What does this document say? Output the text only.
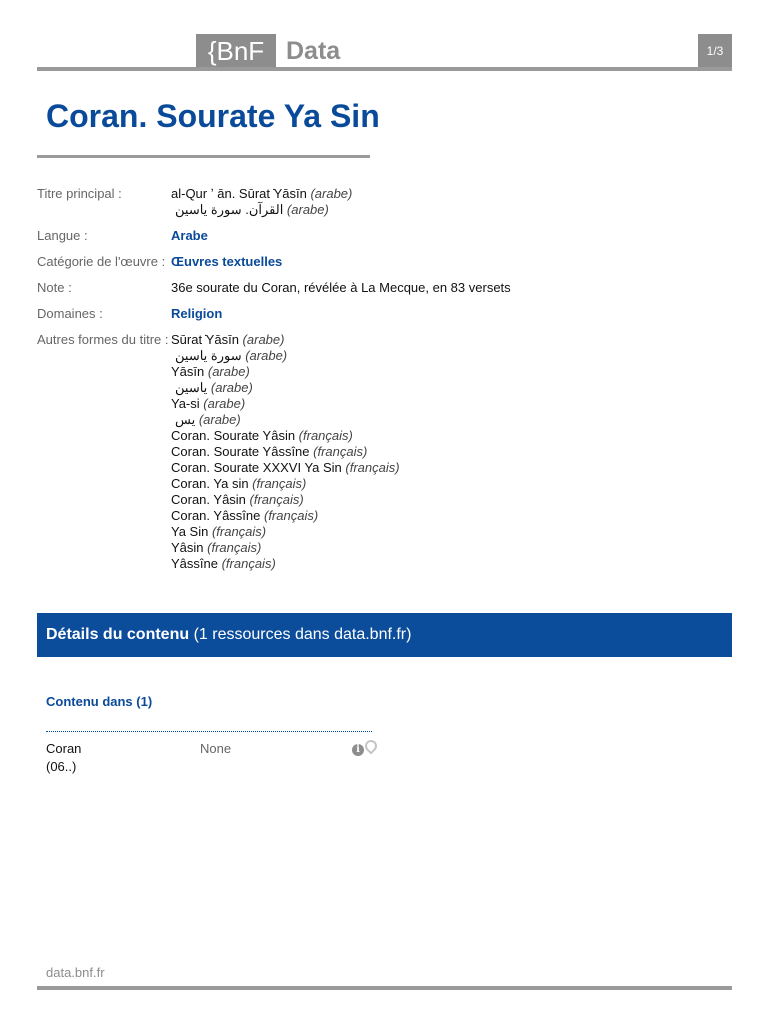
{BnF Data	1/3
Coran. Sourate Ya Sin
Titre principal :	al-Qur ʼ ān. Sūrat ̇Yāsīn (arabe)
القرآن. سورة ياسين (arabe)
Langue :	Arabe
Catégorie de l'œuvre : Œuvres textuelles
Note :	36e sourate du Coran, révélée à La Mecque, en 83 versets
Domaines :	Religion
Autres formes du titre : Sūrat ̇Yāsīn (arabe)
سورة ياسين (arabe)
Yāsīn (arabe)
ياسين (arabe)
Ya-si (arabe)
يس (arabe)
Coran. Sourate Yâsin (français)
Coran. Sourate Yâssîne (français)
Coran. Sourate XXXVI Ya Sin (français)
Coran. Ya sin (français)
Coran. Yâsin (français)
Coran. Yâssîne (français)
Ya Sin (français)
Yâsin (français)
Yâssîne (français)
Détails du contenu (1 ressources dans data.bnf.fr)
Contenu dans (1)
Coran
(06..)
None	i
data.bnf.fr
